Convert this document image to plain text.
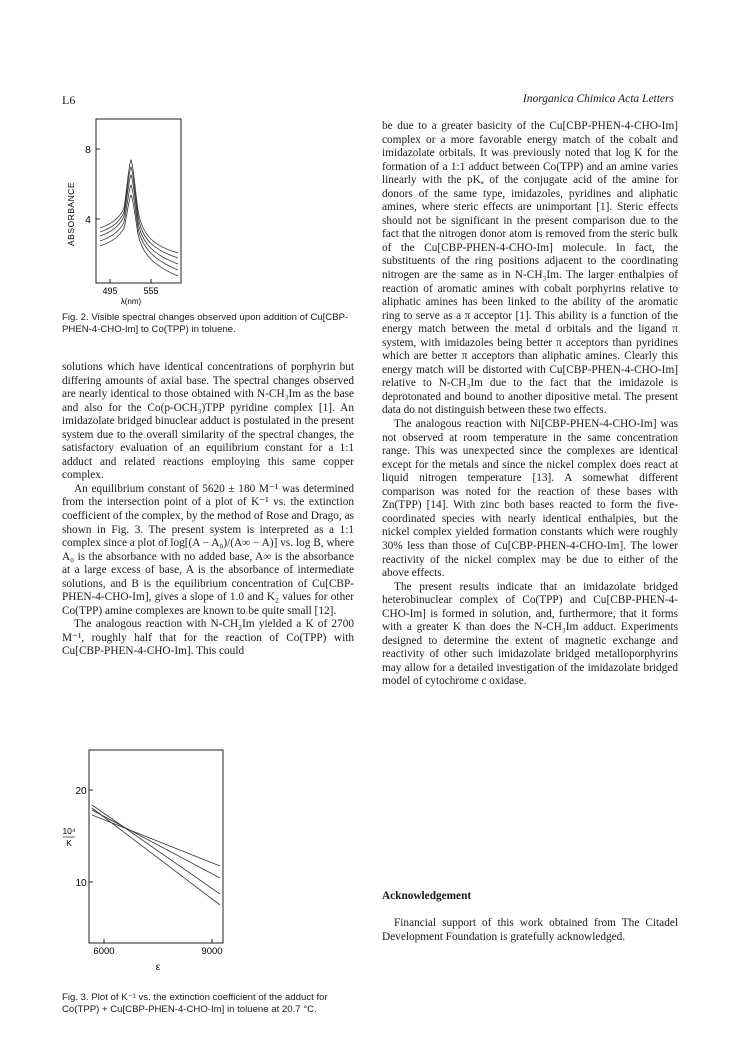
L6	Inorganica Chimica Acta Letters
8
4
ABSORBANCE
495	555
λ(nm)
Fig. 2. Visible spectral changes observed upon addition of Cu[CBP-PHEN-4-CHO-Im] to Co(TPP) in toluene.

solutions which have identical concentrations of porphyrin but differing amounts of axial base. The spectral changes observed are nearly identical to those obtained with N-CH₃Im as the base and also for the Co(p-OCH₃)TPP pyridine complex [1]. An imidazolate bridged binuclear adduct is postulated in the present system due to the overall similarity of the spectral changes, the satisfactory evaluation of an equilibrium constant for a 1:1 adduct and related reactions employing this same copper complex.

An equilibrium constant of 5620 ± 180 M⁻¹ was determined from the intersection point of a plot of K⁻¹ vs. the extinction coefficient of the complex, by the method of Rose and Drago, as shown in Fig. 3. The present system is interpreted as a 1:1 complex since a plot of log[(A − A₀)/(A∞ − A)] vs. log B, where A₀ is the absorbance with no added base, A∞ is the absorbance at a large excess of base, A is the absorbance of intermediate solutions, and B is the equilibrium concentration of Cu[CBP-PHEN-4-CHO-Im], gives a slope of 1.0 and K₂ values for other Co(TPP) amine complexes are known to be quite small [12].

The analogous reaction with N-CH₃Im yielded a K of 2700 M⁻¹, roughly half that for the reaction of Co(TPP) with Cu[CBP-PHEN-4-CHO-Im]. This could

20
10
10⁴
K
6000	9000
ε
Fig. 3. Plot of K⁻¹ vs. the extinction coefficient of the adduct for Co(TPP) + Cu[CBP-PHEN-4-CHO-Im] in toluene at 20.7 °C.

be due to a greater basicity of the Cu[CBP-PHEN-4-CHO-Im] complex or a more favorable energy match of the cobalt and imidazolate orbitals. It was previously noted that log K for the formation of a 1:1 adduct between Co(TPP) and an amine varies linearly with the pKₐ of the conjugate acid of the amine for donors of the same type, imidazoles, pyridines and aliphatic amines, where steric effects are unimportant [1]. Steric effects should not be significant in the present comparison due to the fact that the nitrogen donor atom is removed from the steric bulk of the Cu[CBP-PHEN-4-CHO-Im] molecule. In fact, the substituents of the ring positions adjacent to the coordinating nitrogen are the same as in N-CH₃Im. The larger enthalpies of reaction of aromatic amines with cobalt porphyrins relative to aliphatic amines has been linked to the ability of the aromatic ring to serve as a π acceptor [1]. This ability is a function of the energy match between the metal d orbitals and the ligand π system, with imidazoles being better π acceptors than pyridines which are better π acceptors than aliphatic amines. Clearly this energy match will be distorted with Cu[CBP-PHEN-4-CHO-Im] relative to N-CH₃Im due to the fact that the imidazole is deprotonated and bound to another dipositive metal. The present data do not distinguish between these two effects.

The analogous reaction with Ni[CBP-PHEN-4-CHO-Im] was not observed at room temperature in the same concentration range. This was unexpected since the complexes are identical except for the metals and since the nickel complex does react at liquid nitrogen temperature [13]. A somewhat different comparison was noted for the reaction of these bases with Zn(TPP) [14]. With zinc both bases reacted to form the five-coordinated species with nearly identical enthalpies, but the nickel complex yielded formation constants which were roughly 30% less than those of Cu[CBP-PHEN-4-CHO-Im]. The lower reactivity of the nickel complex may be due to either of the above effects.

The present results indicate that an imidazolate bridged heterobinuclear complex of Co(TPP) and Cu[CBP-PHEN-4-CHO-Im] is formed in solution, and, furthermore, that it forms with a greater K than does the N-CH₃Im adduct. Experiments designed to determine the extent of magnetic exchange and reactivity of other such imidazolate bridged metalloporphyrins may allow for a detailed investigation of the imidazolate bridged model of cytochrome c oxidase.

Acknowledgement
Financial support of this work obtained from The Citadel Development Foundation is gratefully acknowledged.
